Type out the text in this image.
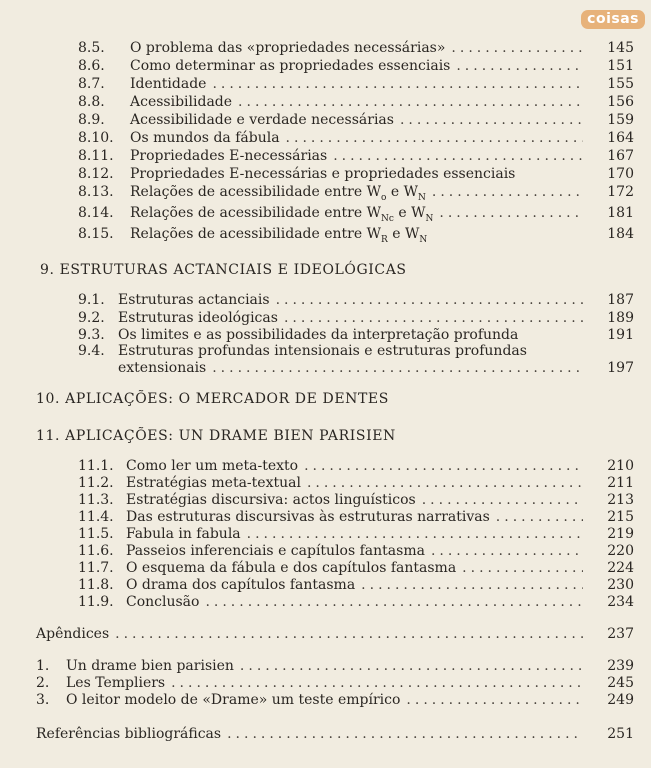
coisas
8.5.	O problema das «propriedades necessárias» .....	145
8.6.	Como determinar as propriedades essenciais .....	151
8.7.	Identidade .....	155
8.8.	Acessibilidade .....	156
8.9.	Acessibilidade e verdade necessárias .....	159
8.10.	Os mundos da fábula .....	164
8.11.	Propriedades E-necessárias .....	167
8.12.	Propriedades E-necessárias e propriedades essenciais	170
8.13.	Relações de acessibilidade entre $W_o$ e $W_N$ .....	172
8.14.	Relações de acessibilidade entre $W_{Nc}$ e $W_N$ .....	181
8.15.	Relações de acessibilidade entre $W_R$ e $W_N$	184
9. ESTRUTURAS ACTANCIAIS E IDEOLÓGICAS
9.1. Estruturas actanciais .....	187
9.2. Estruturas ideológicas .....	189
9.3. Os limites e as possibilidades da interpretação profunda	191
9.4. Estruturas profundas intensionais e estruturas profundas
extensionais .....	197
10. APLICAÇÕES: O MERCADOR DE DENTES
11. APLICAÇÕES: UN DRAME BIEN PARISIEN
11.1. Como ler um meta-texto .....	210
11.2. Estratégias meta-textual .....	211
11.3. Estratégias discursiva: actos linguísticos .....	213
11.4. Das estruturas discursivas às estruturas narrativas .....	215
11.5. Fabula in fabula .....	219
11.6. Passeios inferenciais e capítulos fantasma .....	220
11.7. O esquema da fábula e dos capítulos fantasma .....	224
11.8. O drama dos capítulos fantasma .....	230
11.9. Conclusão .....	234
Apêndices .....	237
1.	Un drame bien parisien .....	239
2.	Les Templiers .....	245
3.	O leitor modelo de «Drame» um teste empírico .....	249
Referências bibliográficas .....	251
